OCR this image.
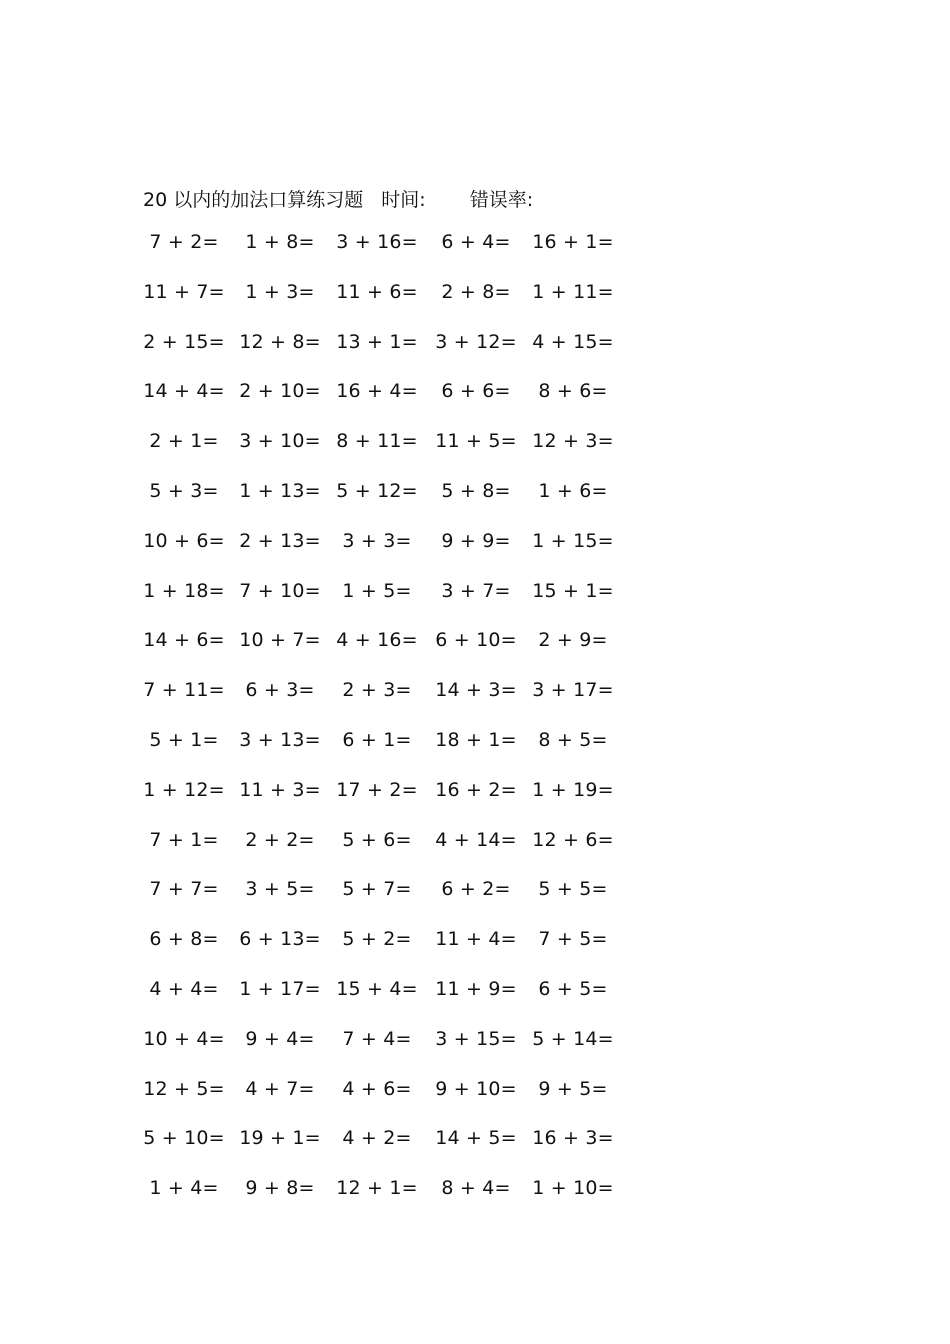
20 以内的加法口算练习题 时间: 错误率:
7 + 2= 1 + 8= 3 + 16= 6 + 4= 16 + 1=
11 + 7= 1 + 3= 11 + 6= 2 + 8= 1 + 11=
2 + 15= 12 + 8= 13 + 1= 3 + 12= 4 + 15=
14 + 4= 2 + 10= 16 + 4= 6 + 6= 8 + 6=
2 + 1= 3 + 10= 8 + 11= 11 + 5= 12 + 3=
5 + 3= 1 + 13= 5 + 12= 5 + 8= 1 + 6=
10 + 6= 2 + 13= 3 + 3= 9 + 9= 1 + 15=
1 + 18= 7 + 10= 1 + 5= 3 + 7= 15 + 1=
14 + 6= 10 + 7= 4 + 16= 6 + 10= 2 + 9=
7 + 11= 6 + 3= 2 + 3= 14 + 3= 3 + 17=
5 + 1= 3 + 13= 6 + 1= 18 + 1= 8 + 5=
1 + 12= 11 + 3= 17 + 2= 16 + 2= 1 + 19=
7 + 1= 2 + 2= 5 + 6= 4 + 14= 12 + 6=
7 + 7= 3 + 5= 5 + 7= 6 + 2= 5 + 5=
6 + 8= 6 + 13= 5 + 2= 11 + 4= 7 + 5=
4 + 4= 1 + 17= 15 + 4= 11 + 9= 6 + 5=
10 + 4= 9 + 4= 7 + 4= 3 + 15= 5 + 14=
12 + 5= 4 + 7= 4 + 6= 9 + 10= 9 + 5=
5 + 10= 19 + 1= 4 + 2= 14 + 5= 16 + 3=
1 + 4= 9 + 8= 12 + 1= 8 + 4= 1 + 10=
